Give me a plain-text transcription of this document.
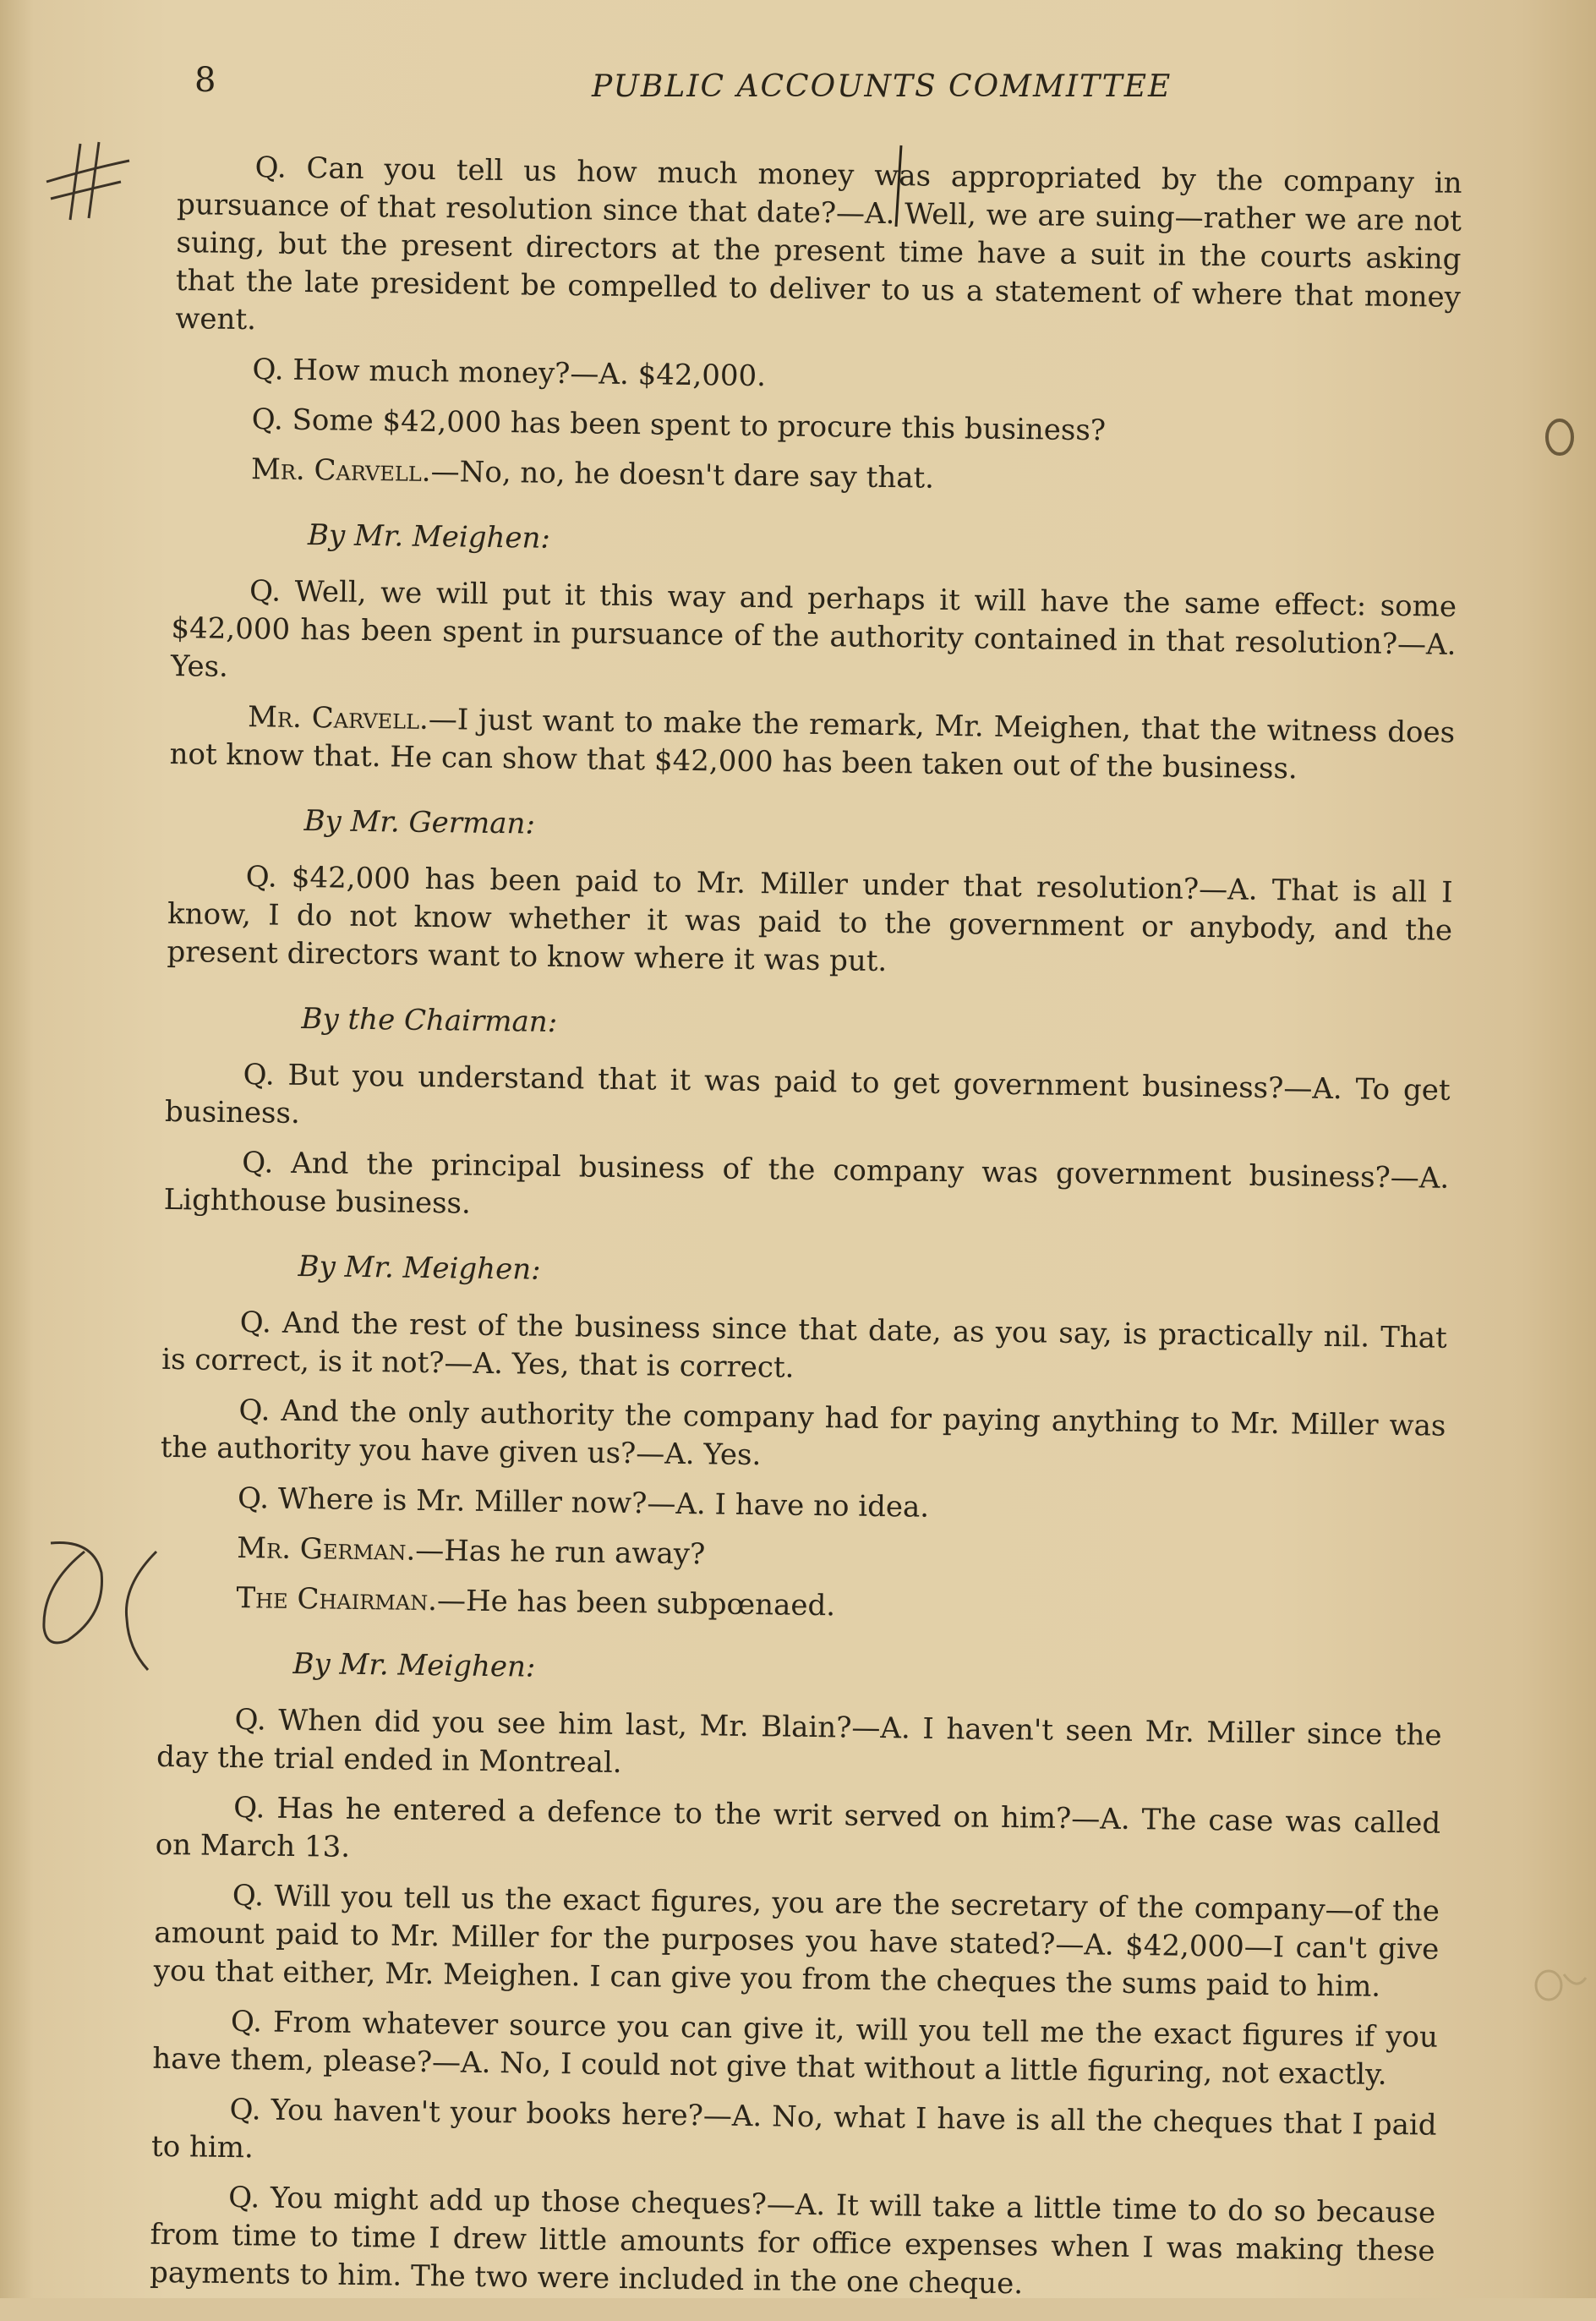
8	PUBLIC ACCOUNTS COMMITTEE

Q. Can you tell us how much money was appropriated by the company in pursuance of that resolution since that date?—A. Well, we are suing—rather we are not suing, but the present directors at the present time have a suit in the courts asking that the late president be compelled to deliver to us a statement of where that money went.

Q. How much money?—A. $42,000.

Q. Some $42,000 has been spent to procure this business?

Mr. Carvell.—No, no, he doesn't dare say that.

By Mr. Meighen:

Q. Well, we will put it this way and perhaps it will have the same effect: some $42,000 has been spent in pursuance of the authority contained in that resolution?—A. Yes.

Mr. Carvell.—I just want to make the remark, Mr. Meighen, that the witness does not know that. He can show that $42,000 has been taken out of the business.

By Mr. German:

Q. $42,000 has been paid to Mr. Miller under that resolution?—A. That is all I know, I do not know whether it was paid to the government or anybody, and the present directors want to know where it was put.

By the Chairman:

Q. But you understand that it was paid to get government business?—A. To get business.

Q. And the principal business of the company was government business?—A. Lighthouse business.

By Mr. Meighen:

Q. And the rest of the business since that date, as you say, is practically nil. That is correct, is it not?—A. Yes, that is correct.

Q. And the only authority the company had for paying anything to Mr. Miller was the authority you have given us?—A. Yes.

Q. Where is Mr. Miller now?—A. I have no idea.

Mr. German.—Has he run away?

The Chairman.—He has been subpœnaed.

By Mr. Meighen:

Q. When did you see him last, Mr. Blain?—A. I haven't seen Mr. Miller since the day the trial ended in Montreal.

Q. Has he entered a defence to the writ served on him?—A. The case was called on March 13.

Q. Will you tell us the exact figures, you are the secretary of the company—of the amount paid to Mr. Miller for the purposes you have stated?—A. $42,000—I can't give you that either, Mr. Meighen. I can give you from the cheques the sums paid to him.

Q. From whatever source you can give it, will you tell me the exact figures if you have them, please?—A. No, I could not give that without a little figuring, not exactly.

Q. You haven't your books here?—A. No, what I have is all the cheques that I paid to him.

Q. You might add up those cheques?—A. It will take a little time to do so because from time to time I drew little amounts for office expenses when I was making these payments to him. The two were included in the one cheque.
